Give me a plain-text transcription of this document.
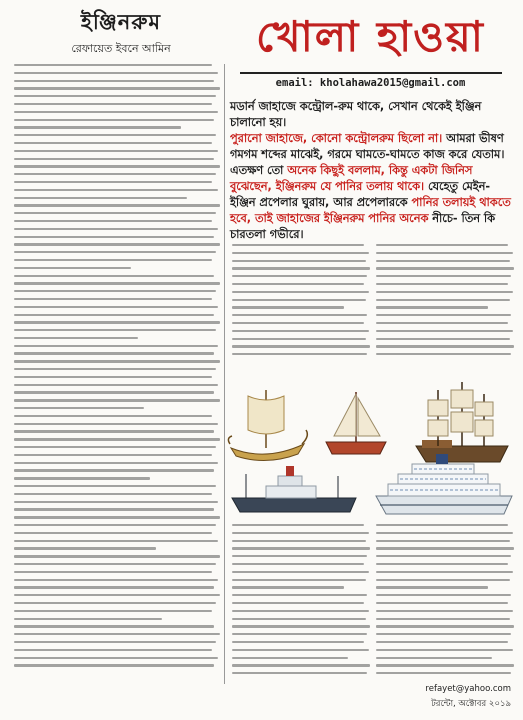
ইঞ্জিনরুম
রেফায়েত ইবনে আমিন	খোলা হাওয়া
email: kholahawa2015@gmail.com

মডার্ন জাহাজে কন্ট্রোল-রুম থাকে, সেখান থেকেই ইঞ্জিন চালানো হয়।

পুরানো জাহাজে, কোনো কন্ট্রোলরুম ছিলো না। আমরা ভীষণ গমগম শব্দের মাঝেই, গরমে ঘামতে-ঘামতে কাজ করে যেতাম। এতক্ষণ তো অনেক কিছুই বললাম, কিন্তু একটা জিনিস বুঝেছেন, ইঞ্জিনরুম যে পানির তলায় থাকে। যেহেতু মেইন-ইঞ্জিন প্রপেলার ঘুরায়, আর প্রপেলারকে পানির তলায়ই থাকতে হবে, তাই জাহাজের ইঞ্জিনরুম পানির অনেক নীচে- তিন কি চারতলা গভীরে।

refayet@yahoo.com
টরন্টো, অক্টোবর ২০১৯
